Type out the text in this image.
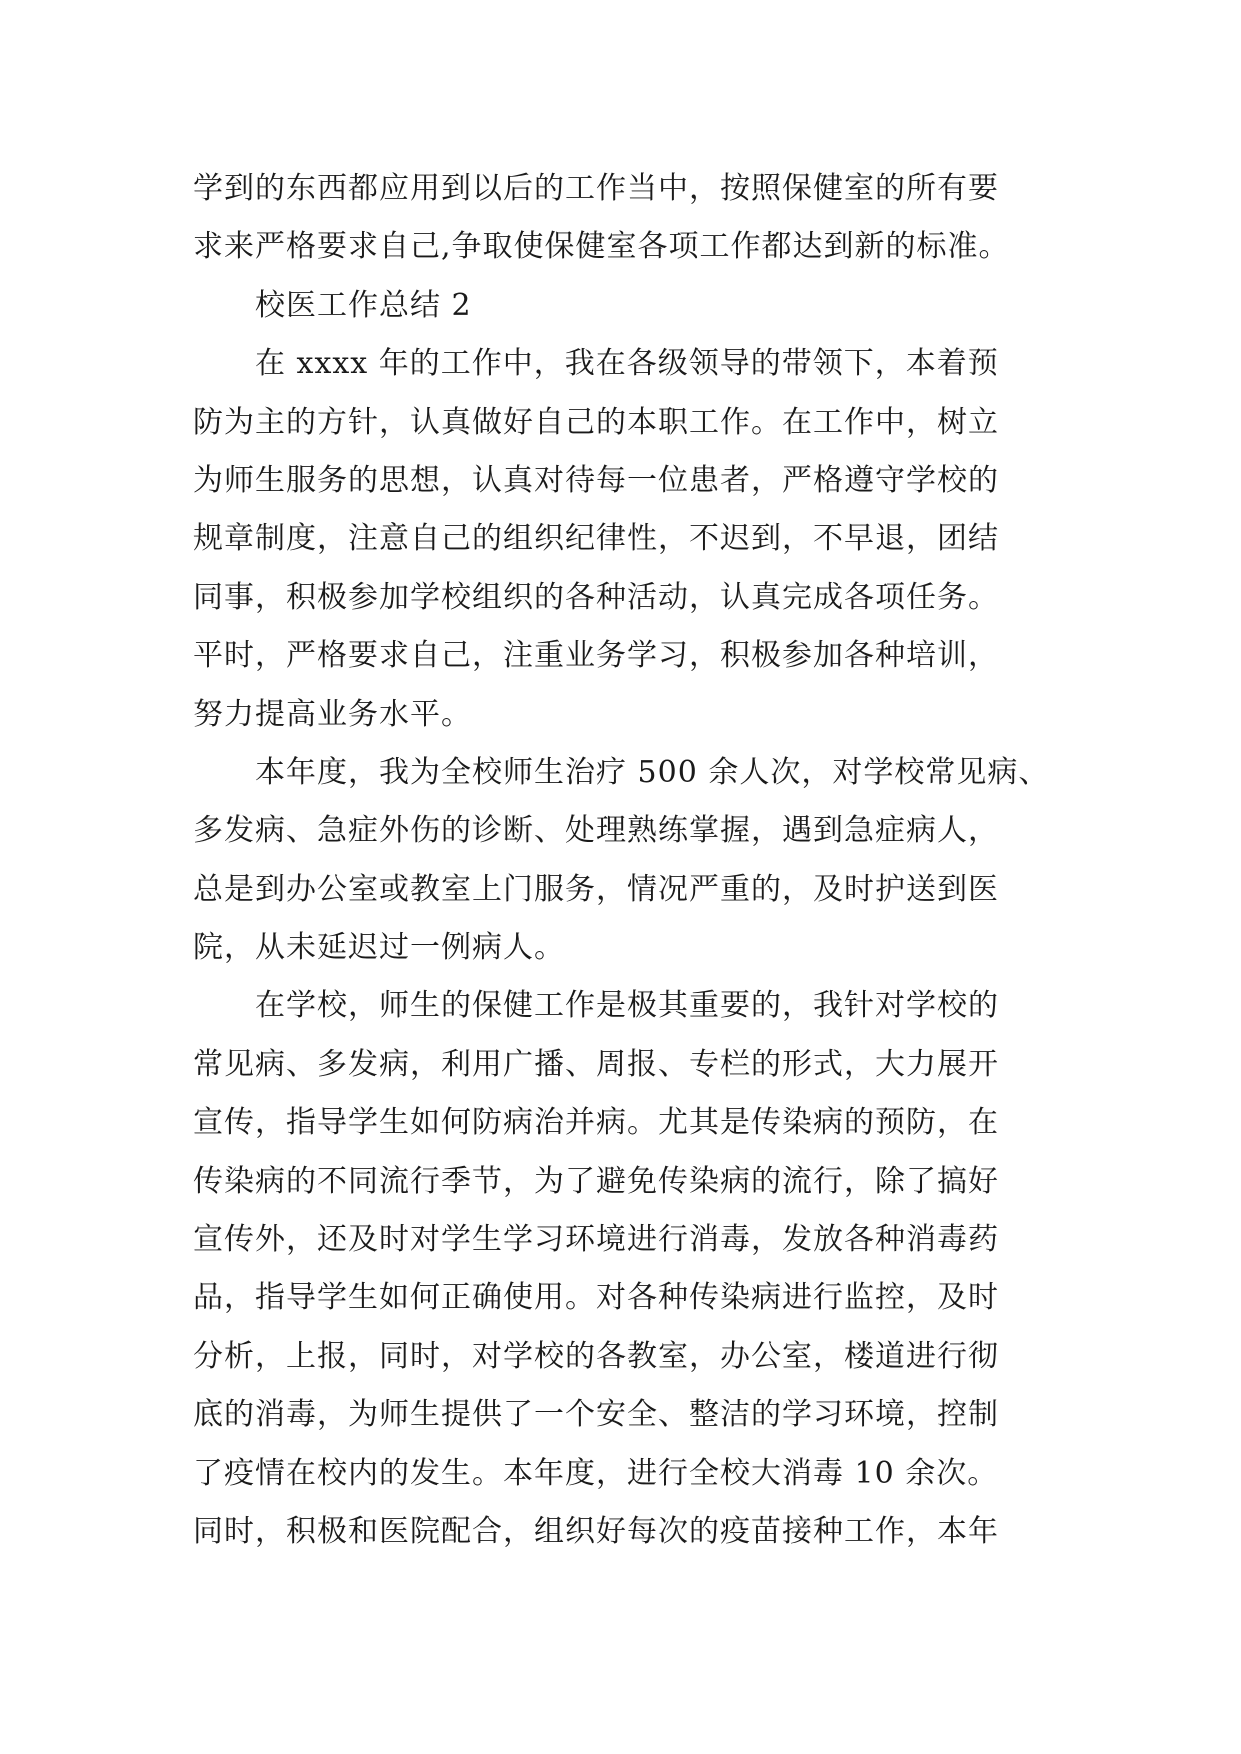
学到的东西都应用到以后的工作当中，按照保健室的所有要

求来严格要求自己,争取使保健室各项工作都达到新的标准。

校医工作总结 2

在 xxxx 年的工作中，我在各级领导的带领下，本着预

防为主的方针，认真做好自己的本职工作。在工作中，树立

为师生服务的思想，认真对待每一位患者，严格遵守学校的

规章制度，注意自己的组织纪律性，不迟到，不早退，团结

同事，积极参加学校组织的各种活动，认真完成各项任务。

平时，严格要求自己，注重业务学习，积极参加各种培训，

努力提高业务水平。

本年度，我为全校师生治疗 500 余人次，对学校常见病、

多发病、急症外伤的诊断、处理熟练掌握，遇到急症病人，

总是到办公室或教室上门服务，情况严重的，及时护送到医

院，从未延迟过一例病人。

在学校，师生的保健工作是极其重要的，我针对学校的

常见病、多发病，利用广播、周报、专栏的形式，大力展开

宣传，指导学生如何防病治并病。尤其是传染病的预防，在

传染病的不同流行季节，为了避免传染病的流行，除了搞好

宣传外，还及时对学生学习环境进行消毒，发放各种消毒药

品，指导学生如何正确使用。对各种传染病进行监控，及时

分析，上报，同时，对学校的各教室，办公室，楼道进行彻

底的消毒，为师生提供了一个安全、整洁的学习环境，控制

了疫情在校内的发生。本年度，进行全校大消毒 10 余次。

同时，积极和医院配合，组织好每次的疫苗接种工作，本年
